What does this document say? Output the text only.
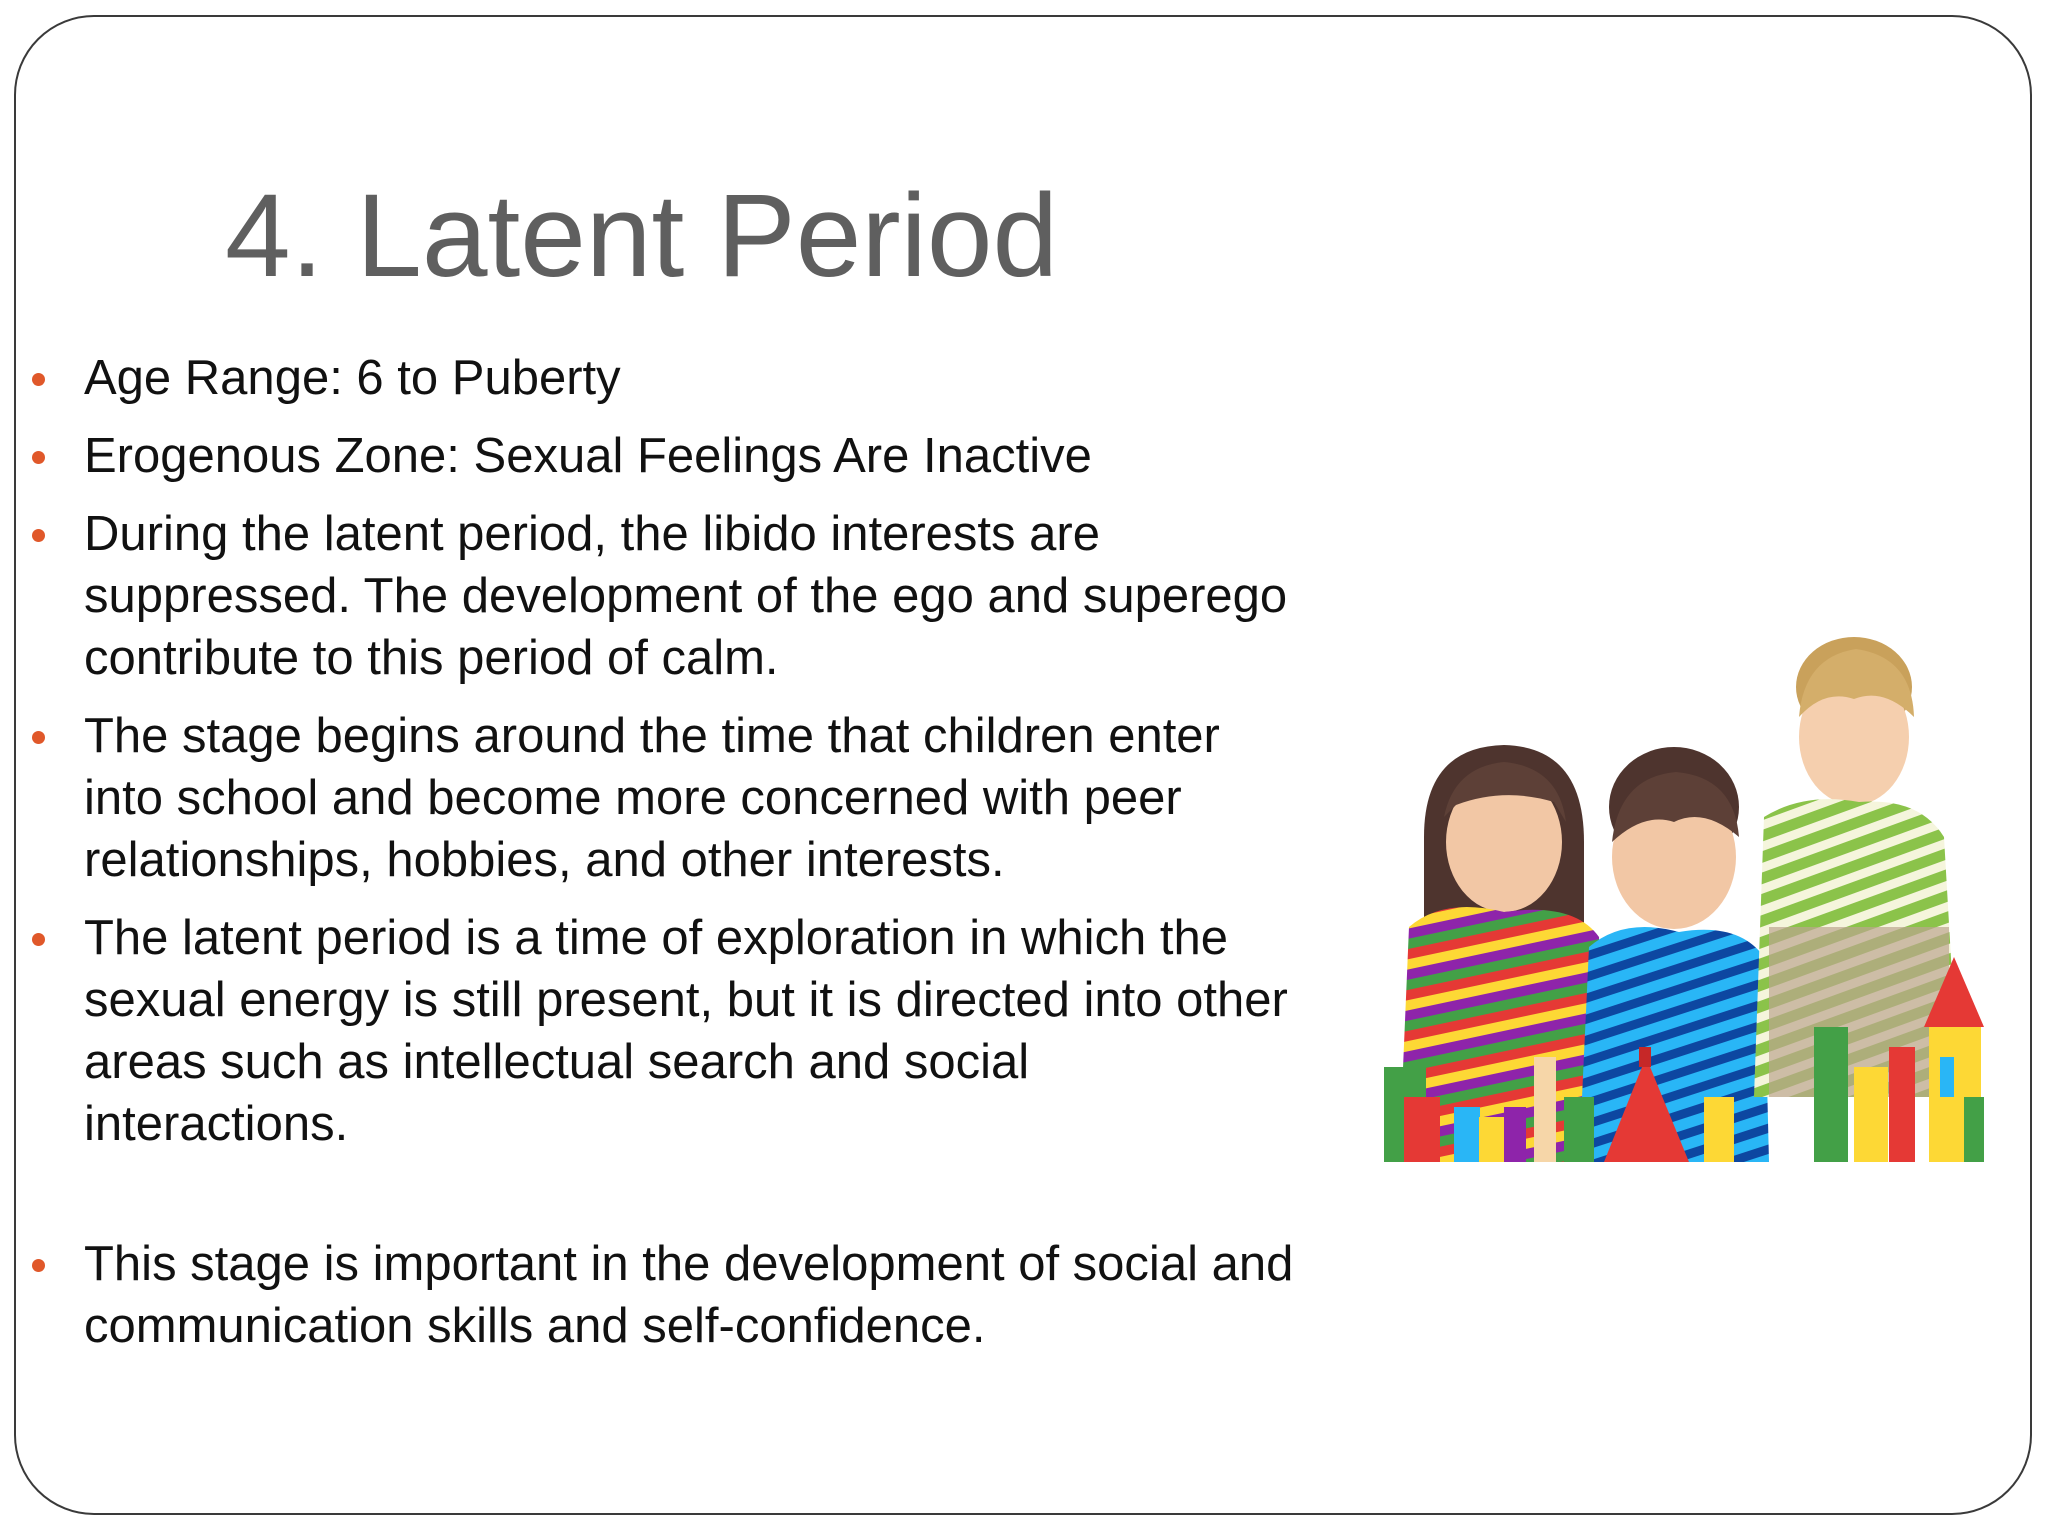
4. Latent Period
Age Range: 6 to Puberty
Erogenous Zone: Sexual Feelings Are Inactive
During the latent period, the libido interests are suppressed. The development of the ego and superego contribute to this period of calm.
The stage begins around the time that children enter into school and become more concerned with peer relationships, hobbies, and other interests.
The latent period is a time of exploration in which the sexual energy is still present, but it is directed into other areas such as intellectual search and social interactions.
This stage is important in the development of social and communication skills and self-confidence.
